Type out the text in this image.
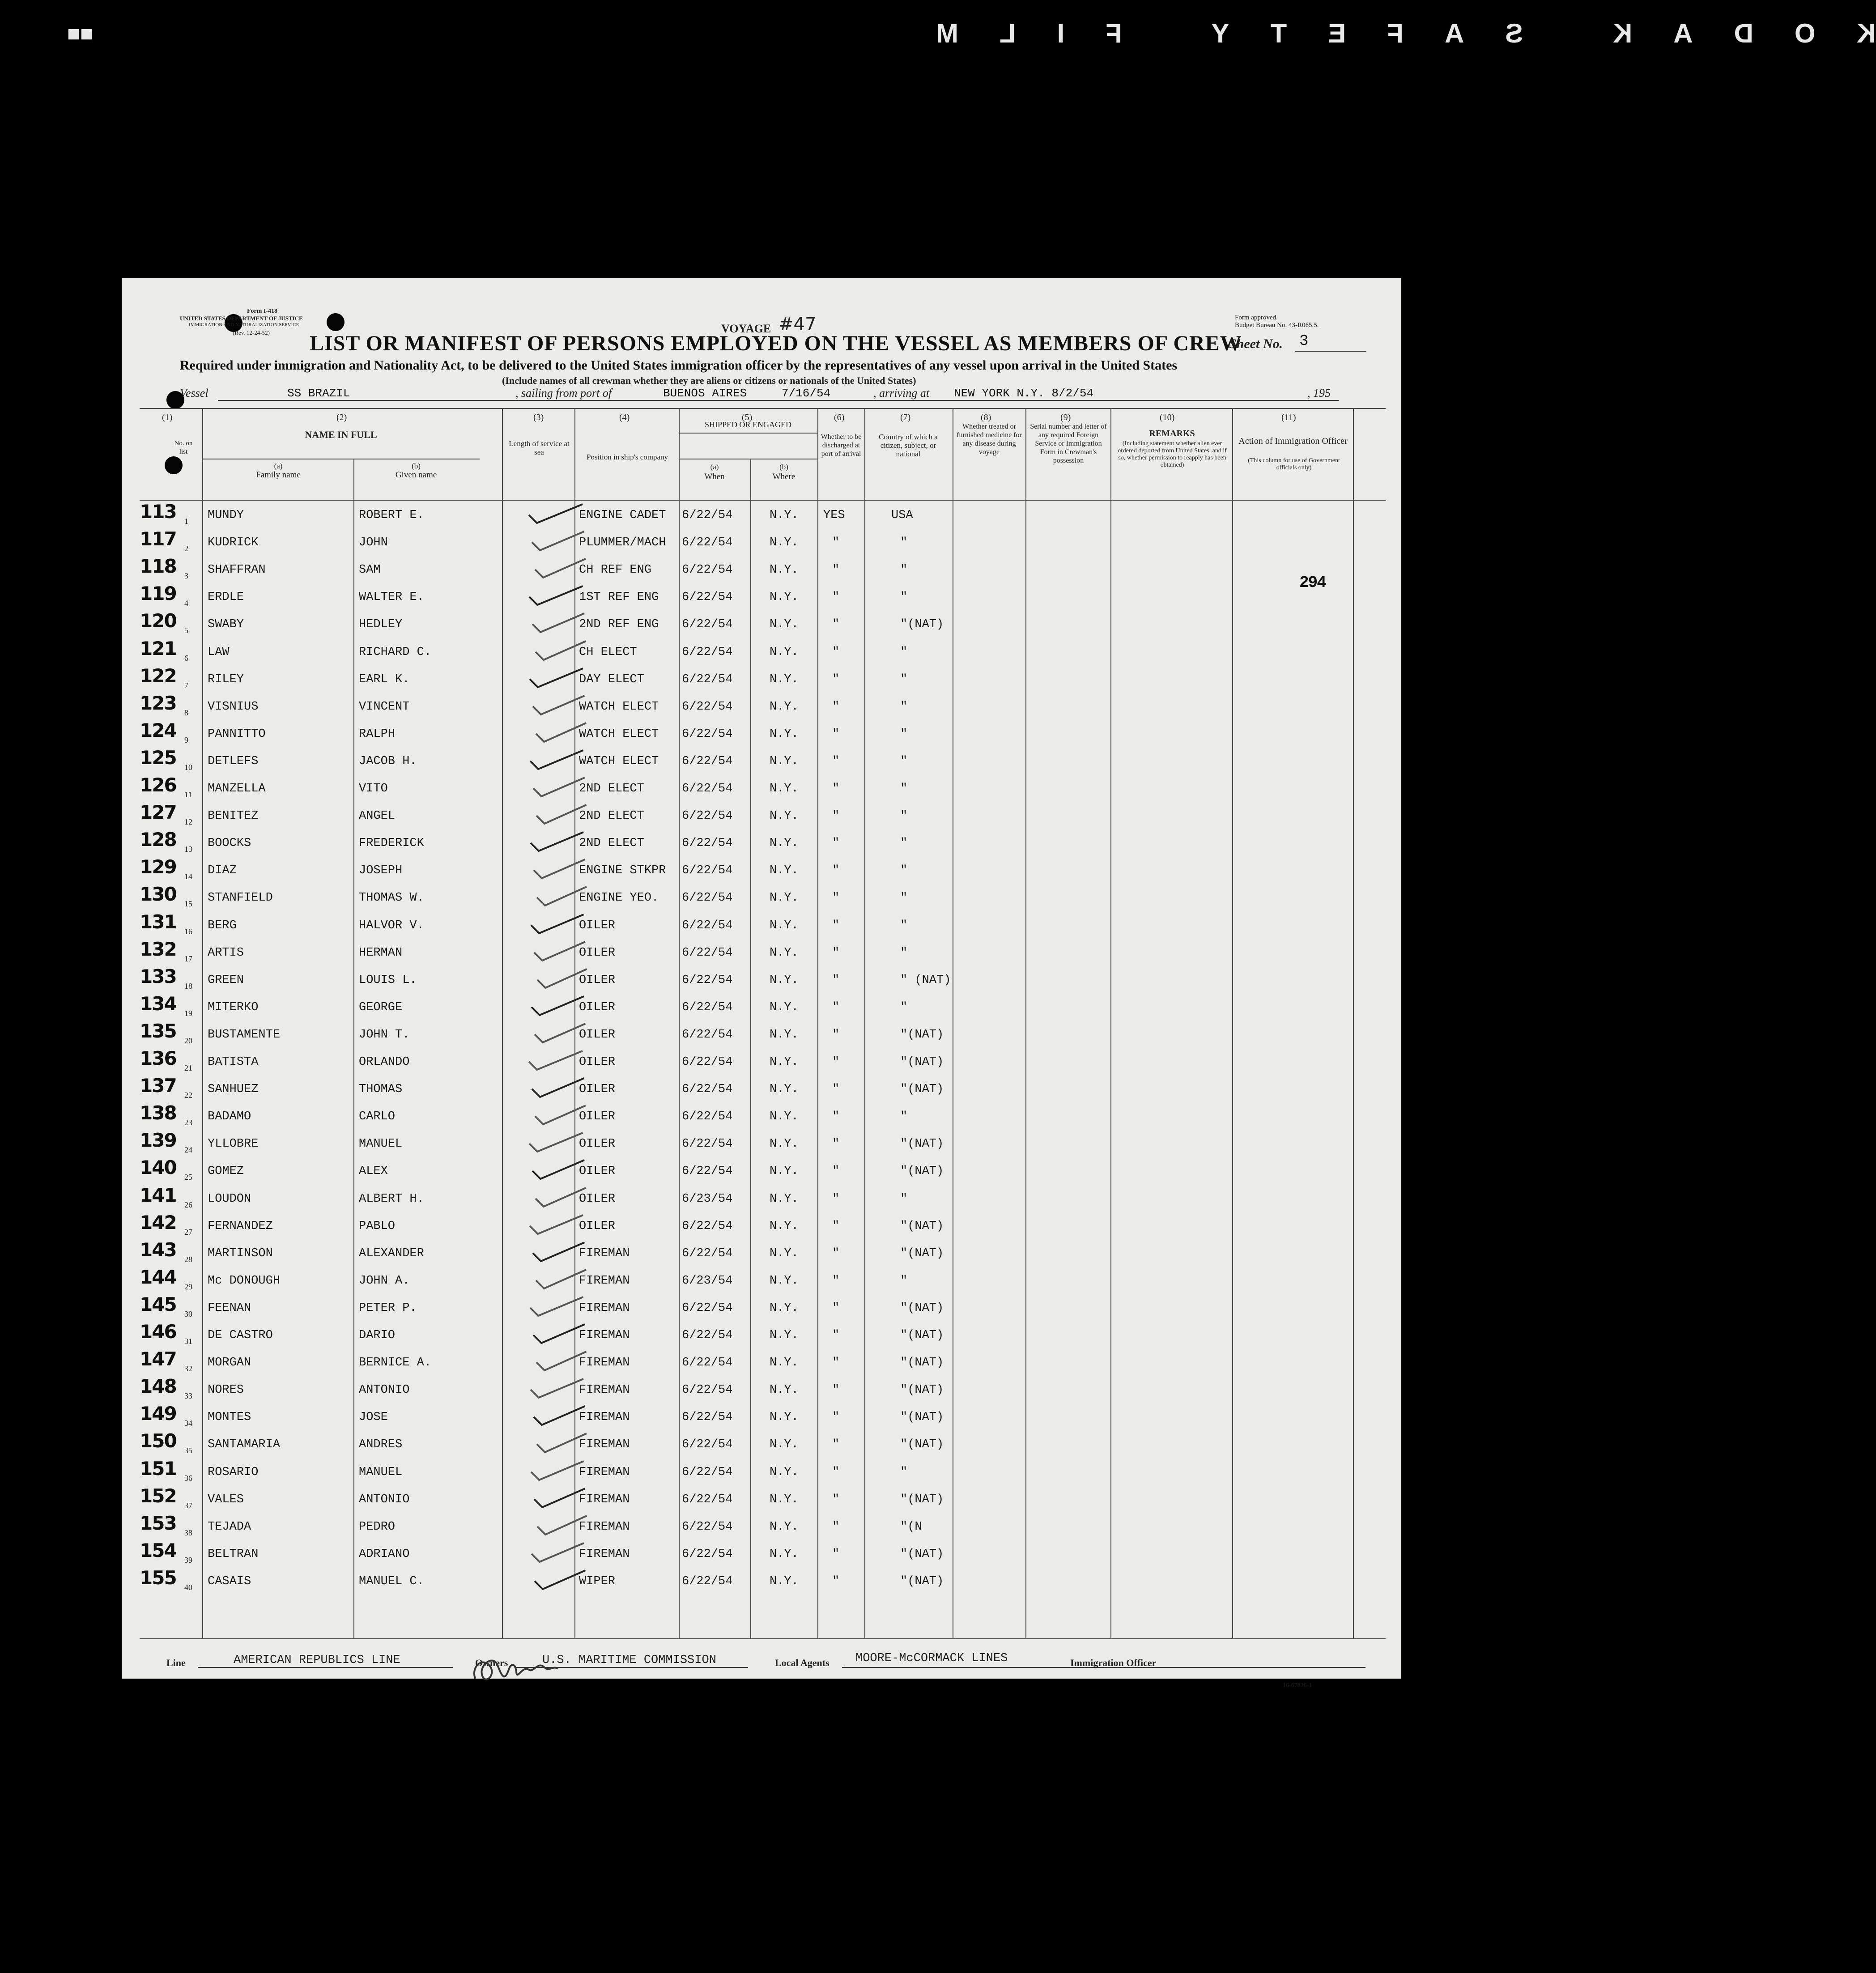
■■	KODAK SAFETY FILM
Form I-418
UNITED STATES DEPARTMENT OF JUSTICE
IMMIGRATION AND NATURALIZATION SERVICE
(Rev. 12-24-52)
Form approved.
Budget Bureau No. 43-R065.5.
VOYAGE #47
LIST OR MANIFEST OF PERSONS EMPLOYED ON THE VESSEL AS MEMBERS OF CREW
Sheet No. 3
Required under immigration and Nationality Act, to be delivered to the United States immigration officer by the representatives of any vessel upon arrival in the United States
(Include names of all crewman whether they are aliens or citizens or nationals of the United States)
Vessel	SS BRAZIL	, sailing from port of	BUENOS AIRES	7/16/54	, arriving at NEW YORK N.Y. 8/2/54	, 195
(1)
No. on list
(2)
NAME IN FULL
(a)
Family name
(b)
Given name
(3)
Length of service at sea
(4)
Position in ship's company
(5)
SHIPPED OR ENGAGED
(a)
When
(b)
Where
(6)
Whether to be discharged at port of arrival
(7)
Country of which a citizen, subject, or national
(8)
Whether treated or furnished medicine for any disease during voyage
(9)
Serial number and letter of any required Foreign Service or Immigration Form in Crewman's possession
(10)
REMARKS
(Including statement whether alien ever ordered deported from United States, and if so, whether permission to reapply has been obtained)
(11)
Action of Immigration Officer
(This column for use of Government officials only)
294
113 1 MUNDY	ROBERT E.	ENGINE CADET	6/22/54	N.Y. YES	USA
117 2 KUDRICK	JOHN	PLUMMER/MACH	6/22/54	N.Y.	"	"
118 3 SHAFFRAN	SAM	CH REF ENG	6/22/54	N.Y.	"	"
119 4 ERDLE	WALTER E.	1ST REF ENG	6/22/54	N.Y.	"	"
120 5 SWABY	HEDLEY	2ND REF ENG	6/22/54	N.Y.	"	"(NAT)
121 6 LAW	RICHARD C.	CH ELECT	6/22/54	N.Y.	"	"
122 7 RILEY	EARL K.	DAY ELECT	6/22/54	N.Y.	"	"
123 8 VISNIUS	VINCENT	WATCH ELECT	6/22/54	N.Y.	"	"
124 9 PANNITTO	RALPH	WATCH ELECT	6/22/54	N.Y.	"	"
125 10 DETLEFS	JACOB H.	WATCH ELECT	6/22/54	N.Y.	"	"
126 11 MANZELLA	VITO	2ND ELECT	6/22/54	N.Y.	"	"
127 12 BENITEZ	ANGEL	2ND ELECT	6/22/54	N.Y.	"	"
128 13 BOOCKS	FREDERICK	2ND ELECT	6/22/54	N.Y.	"	"
129 14 DIAZ	JOSEPH	ENGINE STKPR	6/22/54	N.Y.	"	"
130 15 STANFIELD	THOMAS W.	ENGINE YEO.	6/22/54	N.Y.	"	"
131 16 BERG	HALVOR V.	OILER	6/22/54	N.Y.	"	"
132 17 ARTIS	HERMAN	OILER	6/22/54	N.Y.	"	"
133 18 GREEN	LOUIS L.	OILER	6/22/54	N.Y.	"	" (NAT)
134 19 MITERKO	GEORGE	OILER	6/22/54	N.Y.	"	"
135 20 BUSTAMENTE	JOHN T.	OILER	6/22/54	N.Y.	"	"(NAT)
136 21 BATISTA	ORLANDO	OILER	6/22/54	N.Y.	"	"(NAT)
137 22 SANHUEZ	THOMAS	OILER	6/22/54	N.Y.	"	"(NAT)
138 23 BADAMO	CARLO	OILER	6/22/54	N.Y.	"	"
139 24 YLLOBRE	MANUEL	OILER	6/22/54	N.Y.	"	"(NAT)
140 25 GOMEZ	ALEX	OILER	6/22/54	N.Y.	"	"(NAT)
141 26 LOUDON	ALBERT H.	OILER	6/23/54	N.Y.	"	"
142 27 FERNANDEZ	PABLO	OILER	6/22/54	N.Y.	"	"(NAT)
143 28 MARTINSON	ALEXANDER	FIREMAN	6/22/54	N.Y.	"	"(NAT)
144 29 Mc DONOUGH	JOHN A.	FIREMAN	6/23/54	N.Y.	"	"
145 30 FEENAN	PETER P.	FIREMAN	6/22/54	N.Y.	"	"(NAT)
146 31 DE CASTRO	DARIO	FIREMAN	6/22/54	N.Y.	"	"(NAT)
147 32 MORGAN	BERNICE A.	FIREMAN	6/22/54	N.Y.	"	"(NAT)
148 33 NORES	ANTONIO	FIREMAN	6/22/54	N.Y.	"	"(NAT)
149 34 MONTES	JOSE	FIREMAN	6/22/54	N.Y.	"	"(NAT)
150 35 SANTAMARIA	ANDRES	FIREMAN	6/22/54	N.Y.	"	"(NAT)
151 36 ROSARIO	MANUEL	FIREMAN	6/22/54	N.Y.	"	"
152 37 VALES	ANTONIO	FIREMAN	6/22/54	N.Y.	"	"(NAT)
153 38 TEJADA	PEDRO	FIREMAN	6/22/54	N.Y.	"	"(N
154 39 BELTRAN	ADRIANO	FIREMAN	6/22/54	N.Y.	"	"(NAT)
155 40 CASAIS	MANUEL C.	WIPER	6/22/54	N.Y.	"	"(NAT)
Line	AMERICAN REPUBLICS LINE	Owners	U.S. MARITIME COMMISSION	Local Agents MOORE-McCORMACK LINES	Immigration Officer
16-67826-1
